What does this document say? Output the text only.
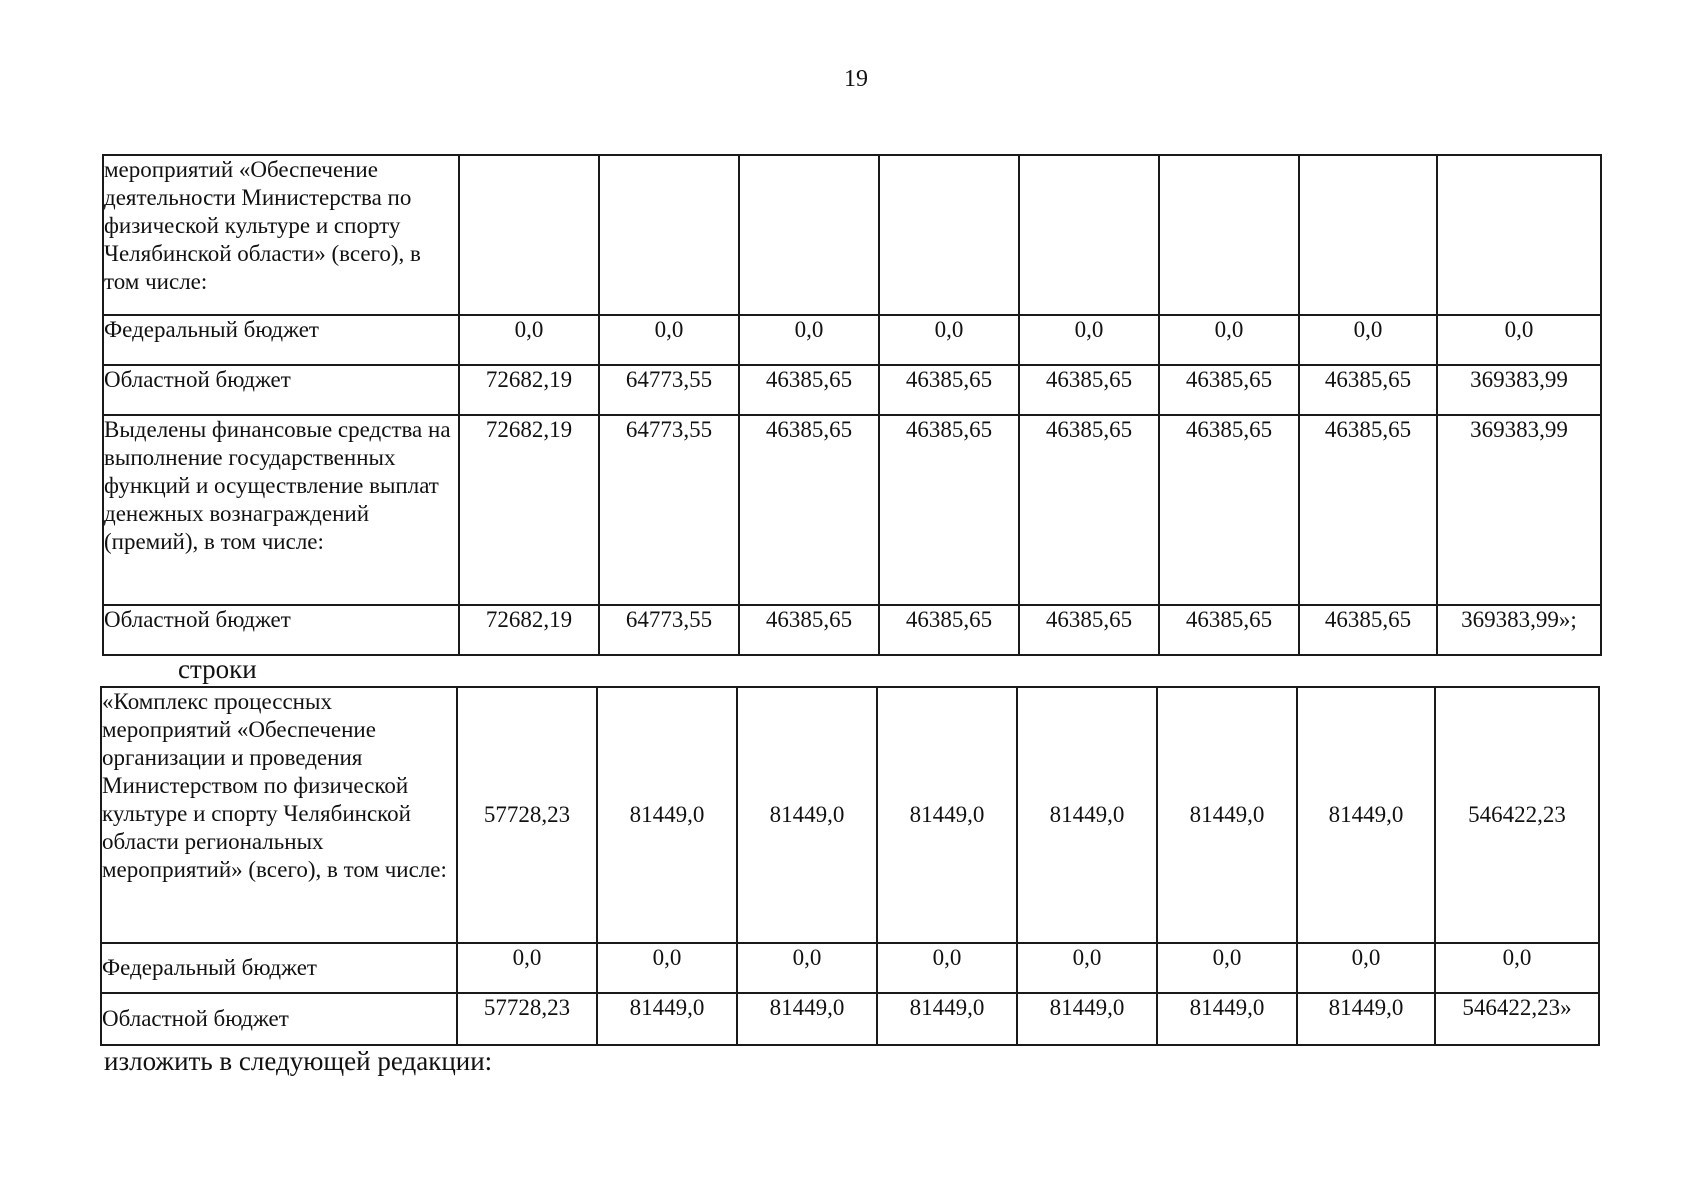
19
мероприятий «Обеспечение деятельности Министерства по физической культуре и спорту Челябинской области» (всего), в том числе:								
Федеральный бюджет	0,0	0,0	0,0	0,0	0,0	0,0	0,0	0,0
Областной бюджет	72682,19	64773,55	46385,65	46385,65	46385,65	46385,65	46385,65	369383,99
Выделены финансовые средства на выполнение государственных функций и осуществление выплат денежных вознаграждений (премий), в том числе:	72682,19	64773,55	46385,65	46385,65	46385,65	46385,65	46385,65	369383,99
Областной бюджет	72682,19	64773,55	46385,65	46385,65	46385,65	46385,65	46385,65	369383,99»;
строки
«Комплекс процессных мероприятий «Обеспечение организации и проведения Министерством по физической культуре и спорту Челябинской области региональных мероприятий» (всего), в том числе:	57728,23	81449,0	81449,0	81449,0	81449,0	81449,0	81449,0	546422,23
Федеральный бюджет	0,0	0,0	0,0	0,0	0,0	0,0	0,0	0,0
Областной бюджет	57728,23	81449,0	81449,0	81449,0	81449,0	81449,0	81449,0	546422,23»
изложить в следующей редакции:
